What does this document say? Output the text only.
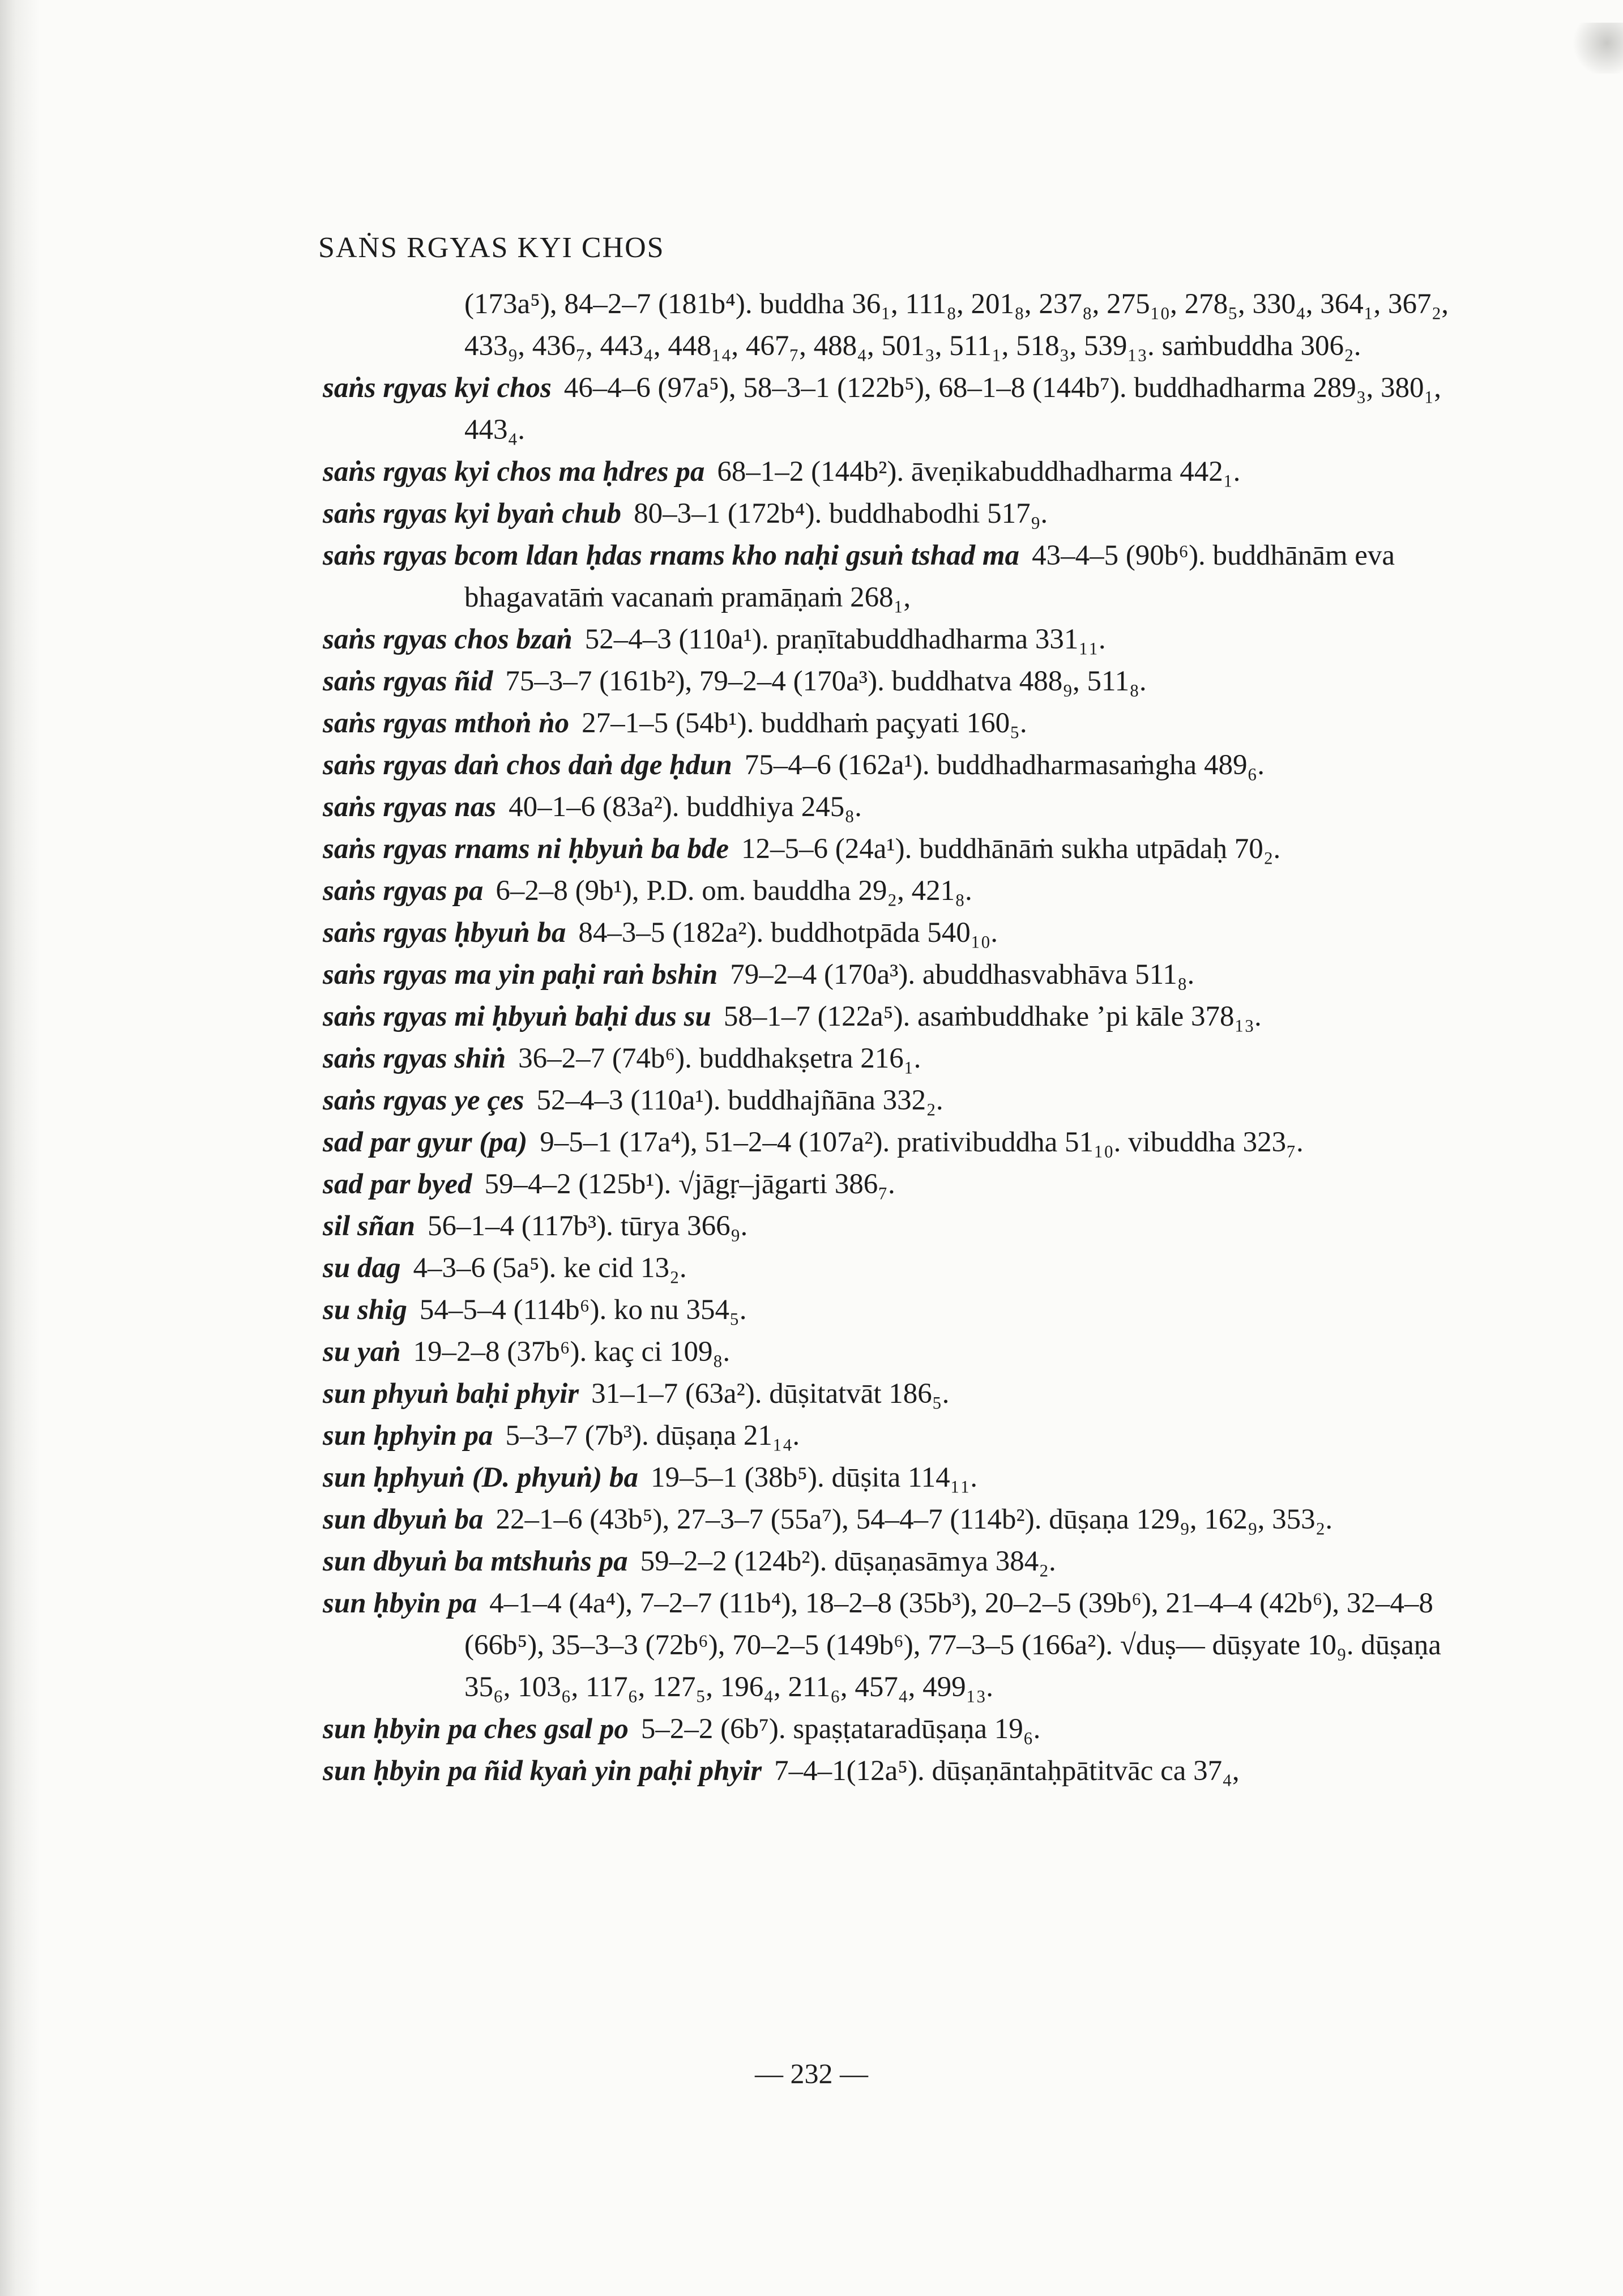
SAṄS RGYAS KYI CHOS

(173a⁵), 84–2–7 (181b⁴). buddha 36₁, 111₈, 201₈, 237₈, 275₁₀, 278₅, 330₄, 364₁, 367₂, 433₉, 436₇, 443₄, 448₁₄, 467₇, 488₄, 501₃, 511₁, 518₃, 539₁₃. saṁbuddha 306₂.

saṅs rgyas kyi chos 46–4–6 (97a⁵), 58–3–1 (122b⁵), 68–1–8 (144b⁷). buddhadharma 289₃, 380₁, 443₄.

saṅs rgyas kyi chos ma ḥdres pa 68–1–2 (144b²). āveṇikabuddhadharma 442₁.

saṅs rgyas kyi byaṅ chub 80–3–1 (172b⁴). buddhabodhi 517₉.

saṅs rgyas bcom ldan ḥdas rnams kho naḥi gsuṅ tshad ma 43–4–5 (90b⁶). buddhānām eva bhagavatāṁ vacanaṁ pramāṇaṁ 268₁,

saṅs rgyas chos bzaṅ 52–4–3 (110a¹). praṇītabuddhadharma 331₁₁.

saṅs rgyas ñid 75–3–7 (161b²), 79–2–4 (170a³). buddhatva 488₉, 511₈.

saṅs rgyas mthoṅ ṅo 27–1–5 (54b¹). buddhaṁ paçyati 160₅.

saṅs rgyas daṅ chos daṅ dge ḥdun 75–4–6 (162a¹). buddhadharmasaṁgha 489₆.

saṅs rgyas nas 40–1–6 (83a²). buddhiya 245₈.

saṅs rgyas rnams ni ḥbyuṅ ba bde 12–5–6 (24a¹). buddhānāṁ sukha utpādaḥ 70₂.

saṅs rgyas pa 6–2–8 (9b¹), P.D. om. bauddha 29₂, 421₈.

saṅs rgyas ḥbyuṅ ba 84–3–5 (182a²). buddhotpāda 540₁₀.

saṅs rgyas ma yin paḥi raṅ bshin 79–2–4 (170a³). abuddhasvabhāva 511₈.

saṅs rgyas mi ḥbyuṅ baḥi dus su 58–1–7 (122a⁵). asaṁbuddhake ’pi kāle 378₁₃.

saṅs rgyas shiṅ 36–2–7 (74b⁶). buddhakṣetra 216₁.

saṅs rgyas ye çes 52–4–3 (110a¹). buddhajñāna 332₂.

sad par gyur (pa) 9–5–1 (17a⁴), 51–2–4 (107a²). prativibuddha 51₁₀. vibuddha 323₇.

sad par byed 59–4–2 (125b¹). √jāgṛ–jāgarti 386₇.

sil sñan 56–1–4 (117b³). tūrya 366₉.

su dag 4–3–6 (5a⁵). ke cid 13₂.

su shig 54–5–4 (114b⁶). ko nu 354₅.

su yaṅ 19–2–8 (37b⁶). kaç ci 109₈.

sun phyuṅ baḥi phyir 31–1–7 (63a²). dūṣitatvāt 186₅.

sun ḥphyin pa 5–3–7 (7b³). dūṣaṇa 21₁₄.

sun ḥphyuṅ (D. phyuṅ) ba 19–5–1 (38b⁵). dūṣita 114₁₁.

sun dbyuṅ ba 22–1–6 (43b⁵), 27–3–7 (55a⁷), 54–4–7 (114b²). dūṣaṇa 129₉, 162₉, 353₂.

sun dbyuṅ ba mtshuṅs pa 59–2–2 (124b²). dūṣaṇasāmya 384₂.

sun ḥbyin pa 4–1–4 (4a⁴), 7–2–7 (11b⁴), 18–2–8 (35b³), 20–2–5 (39b⁶), 21–4–4 (42b⁶), 32–4–8 (66b⁵), 35–3–3 (72b⁶), 70–2–5 (149b⁶), 77–3–5 (166a²). √duṣ— dūṣyate 10₉. dūṣaṇa 35₆, 103₆, 117₆, 127₅, 196₄, 211₆, 457₄, 499₁₃.

sun ḥbyin pa ches gsal po 5–2–2 (6b⁷). spaṣṭataradūṣaṇa 19₆.

sun ḥbyin pa ñid kyaṅ yin paḥi phyir 7–4–1(12a⁵). dūṣaṇāntaḥpātitvāc ca 37₄,

— 232 —
